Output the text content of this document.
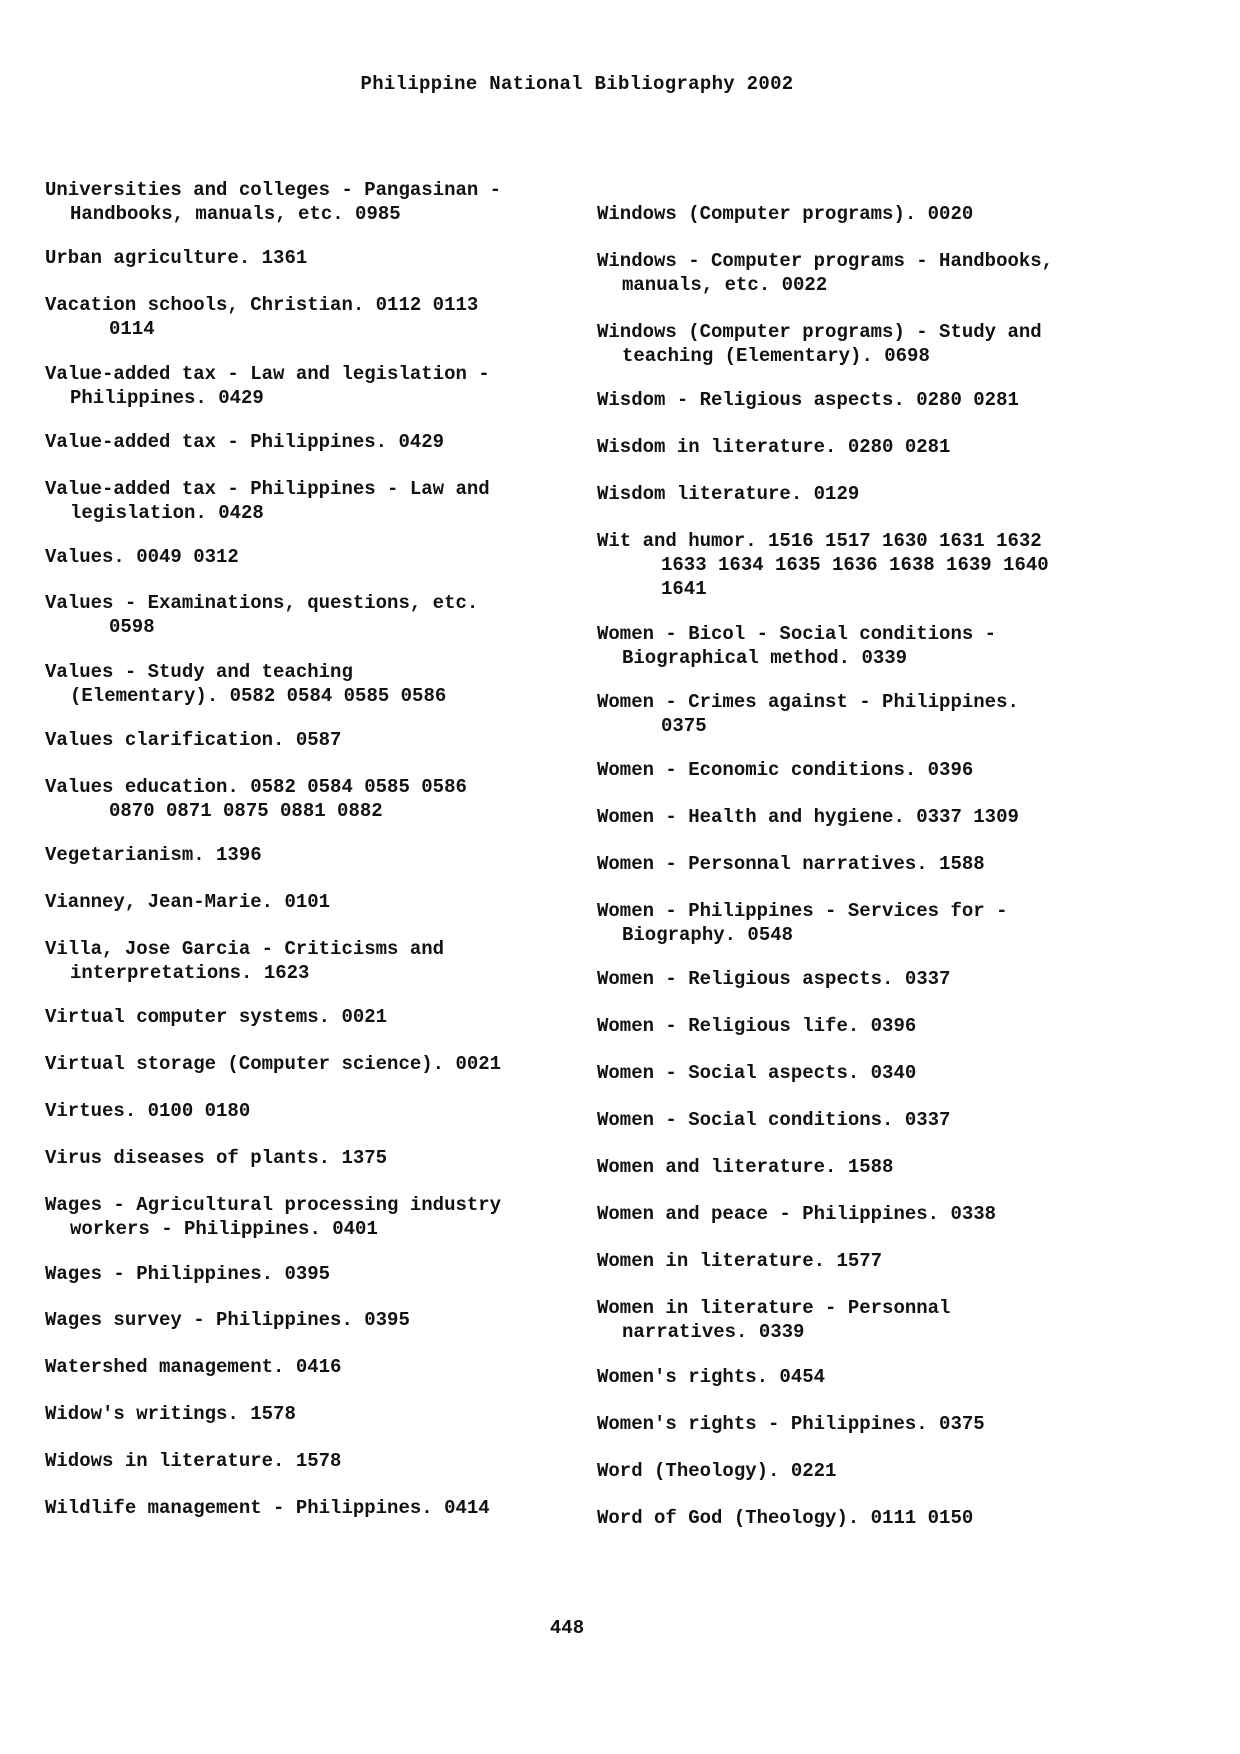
Philippine National Bibliography 2002
Universities and colleges - Pangasinan -
Handbooks, manuals, etc. 0985
Urban agriculture. 1361
Vacation schools, Christian. 0112 0113
0114
Value-added tax - Law and legislation -
Philippines. 0429
Value-added tax - Philippines. 0429
Value-added tax - Philippines - Law and
legislation. 0428
Values. 0049 0312
Values - Examinations, questions, etc.
0598
Values - Study and teaching
(Elementary). 0582 0584 0585 0586
Values clarification. 0587
Values education. 0582 0584 0585 0586
0870 0871 0875 0881 0882
Vegetarianism. 1396
Vianney, Jean-Marie. 0101
Villa, Jose Garcia - Criticisms and
interpretations. 1623
Virtual computer systems. 0021
Virtual storage (Computer science). 0021
Virtues. 0100 0180
Virus diseases of plants. 1375
Wages - Agricultural processing industry
workers - Philippines. 0401
Wages - Philippines. 0395
Wages survey - Philippines. 0395
Watershed management. 0416
Widow's writings. 1578
Widows in literature. 1578
Wildlife management - Philippines. 0414
Windows (Computer programs). 0020
Windows - Computer programs - Handbooks,
manuals, etc. 0022
Windows (Computer programs) - Study and
teaching (Elementary). 0698
Wisdom - Religious aspects. 0280 0281
Wisdom in literature. 0280 0281
Wisdom literature. 0129
Wit and humor. 1516 1517 1630 1631 1632
1633 1634 1635 1636 1638 1639 1640
1641
Women - Bicol - Social conditions -
Biographical method. 0339
Women - Crimes against - Philippines.
0375
Women - Economic conditions. 0396
Women - Health and hygiene. 0337 1309
Women - Personnal narratives. 1588
Women - Philippines - Services for -
Biography. 0548
Women - Religious aspects. 0337
Women - Religious life. 0396
Women - Social aspects. 0340
Women - Social conditions. 0337
Women and literature. 1588
Women and peace - Philippines. 0338
Women in literature. 1577
Women in literature - Personnal
narratives. 0339
Women's rights. 0454
Women's rights - Philippines. 0375
Word (Theology). 0221
Word of God (Theology). 0111 0150
448
